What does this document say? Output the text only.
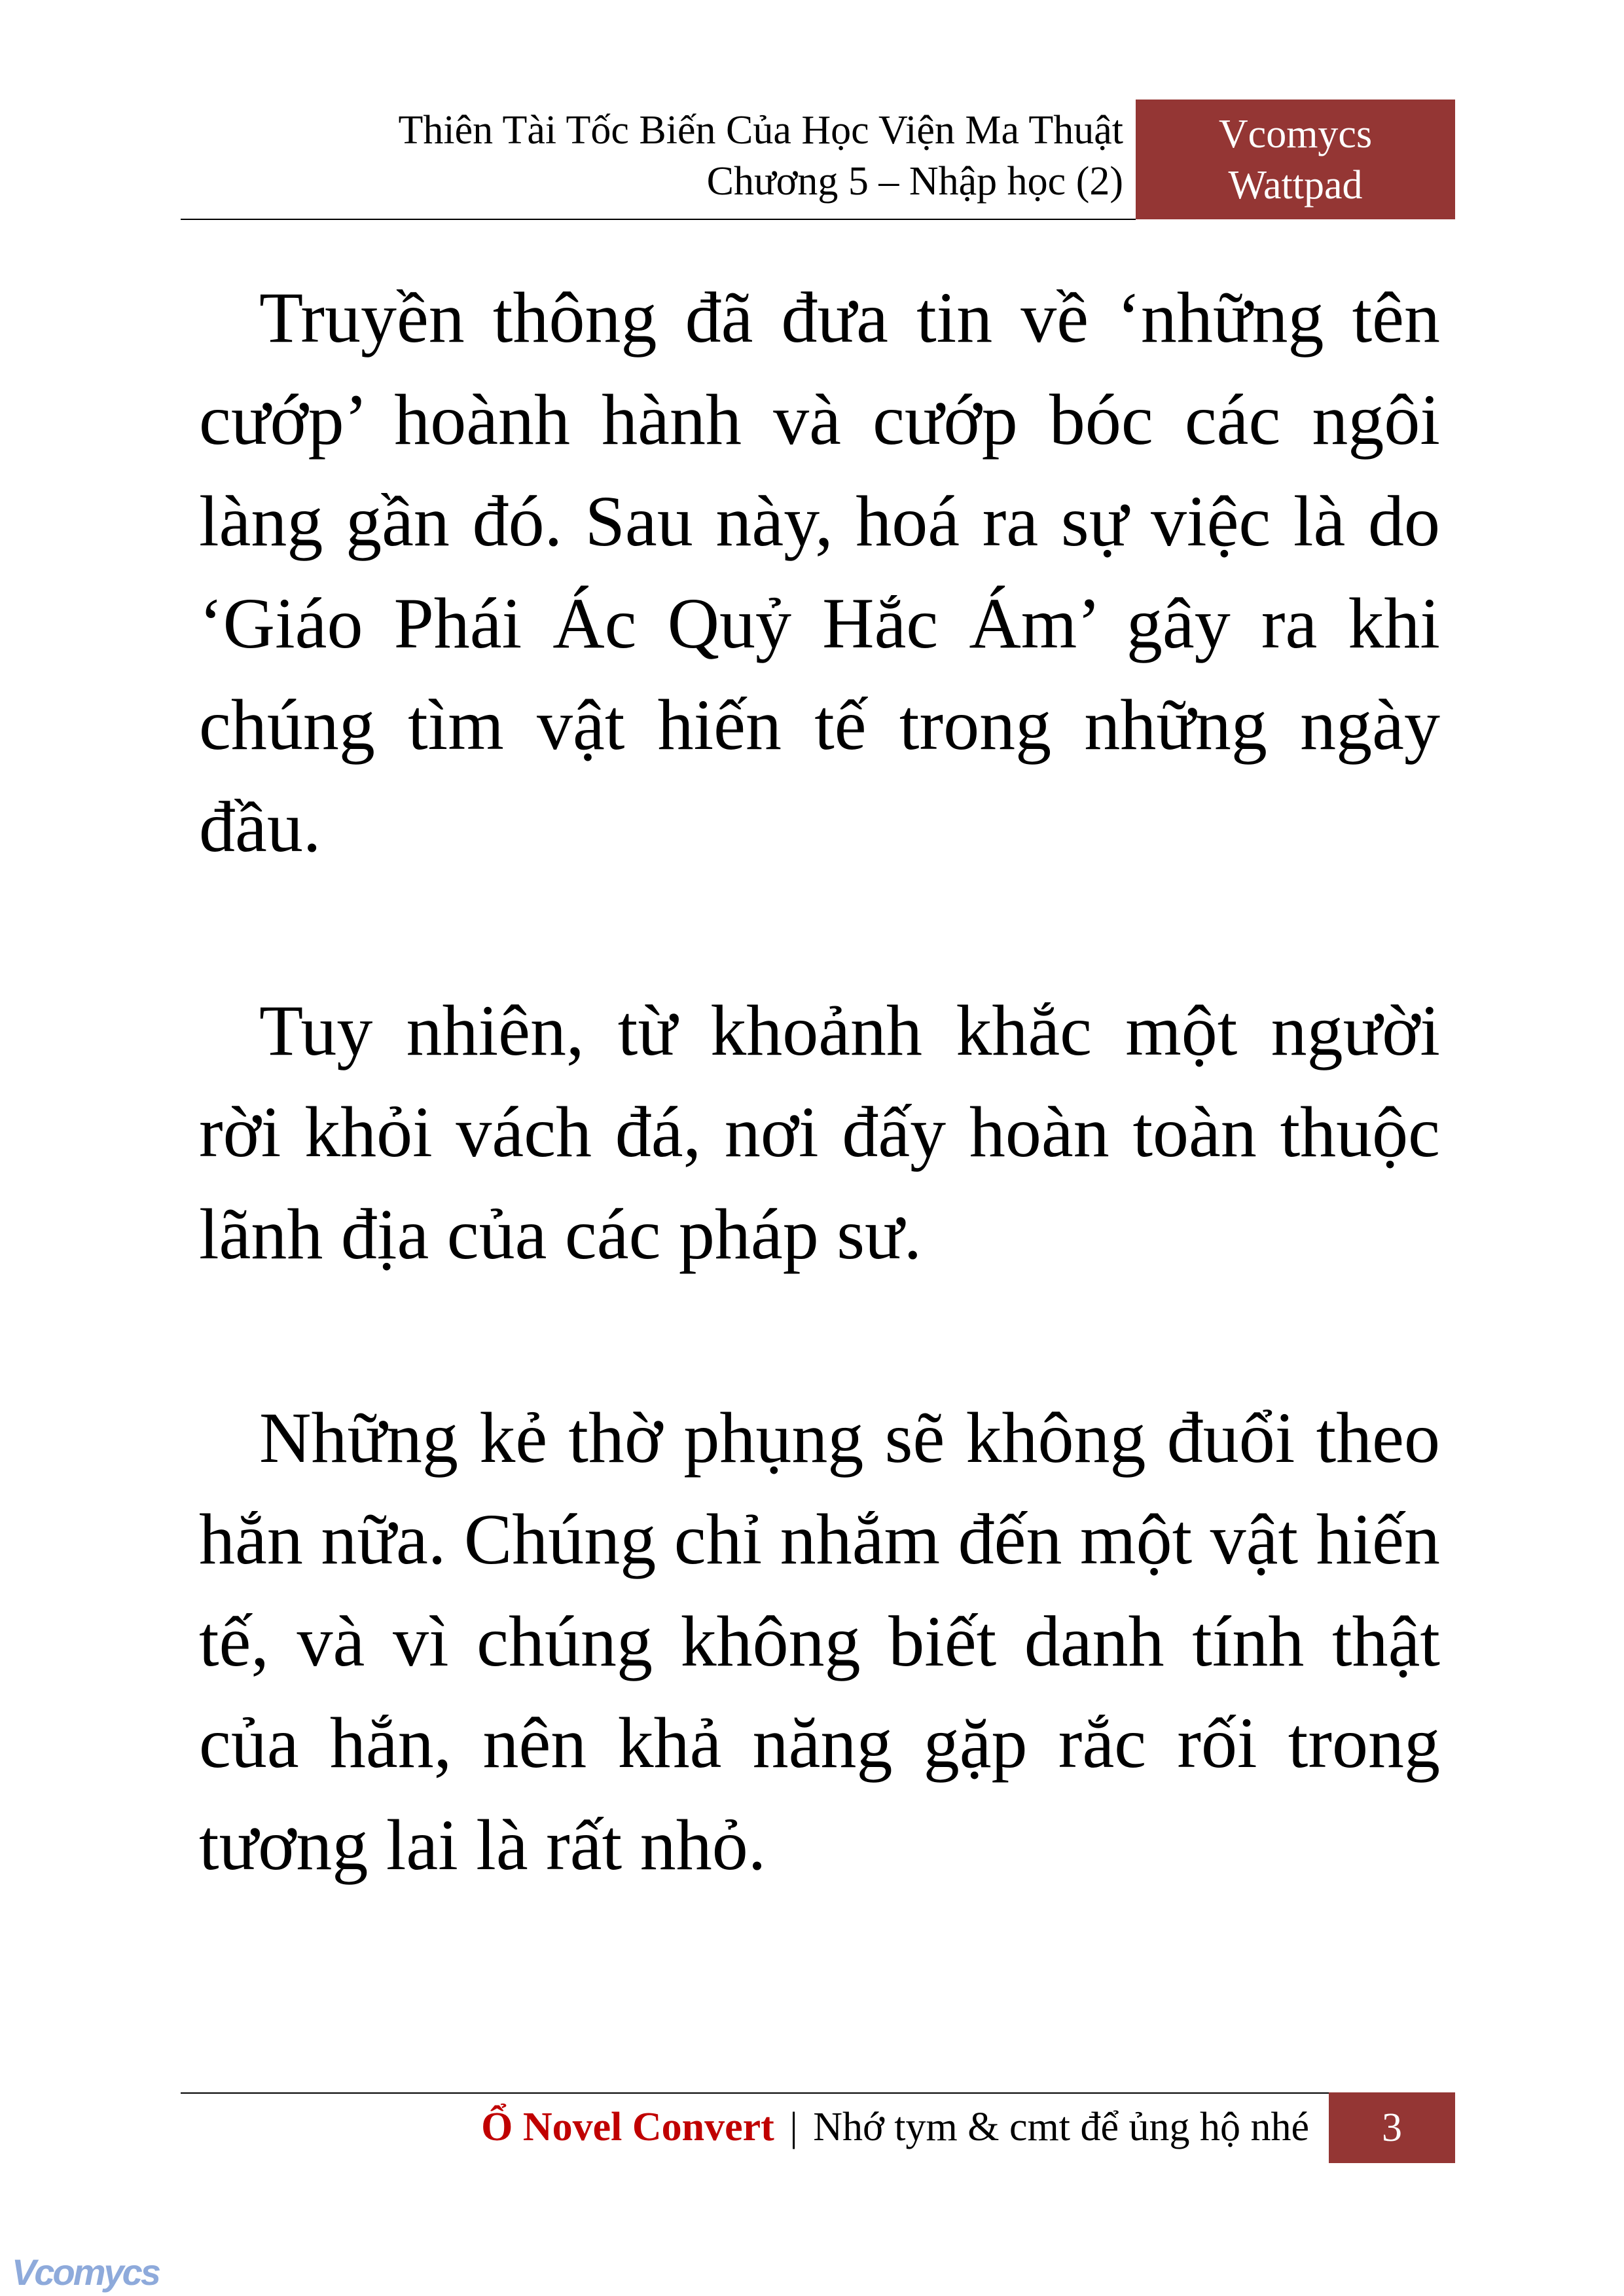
Thiên Tài Tốc Biến Của Học Viện Ma Thuật
Chương 5 – Nhập học (2)
Vcomycs
Wattpad

Truyền thông đã đưa tin về ‘những tên cướp’ hoành hành và cướp bóc các ngôi làng gần đó. Sau này, hoá ra sự việc là do ‘Giáo Phái Ác Quỷ Hắc Ám’ gây ra khi chúng tìm vật hiến tế trong những ngày đầu.

Tuy nhiên, từ khoảnh khắc một người rời khỏi vách đá, nơi đấy hoàn toàn thuộc lãnh địa của các pháp sư.

Những kẻ thờ phụng sẽ không đuổi theo hắn nữa. Chúng chỉ nhắm đến một vật hiến tế, và vì chúng không biết danh tính thật của hắn, nên khả năng gặp rắc rối trong tương lai là rất nhỏ.

Ổ Novel Convert | Nhớ tym & cmt để ủng hộ nhé 3
Vcomycs
